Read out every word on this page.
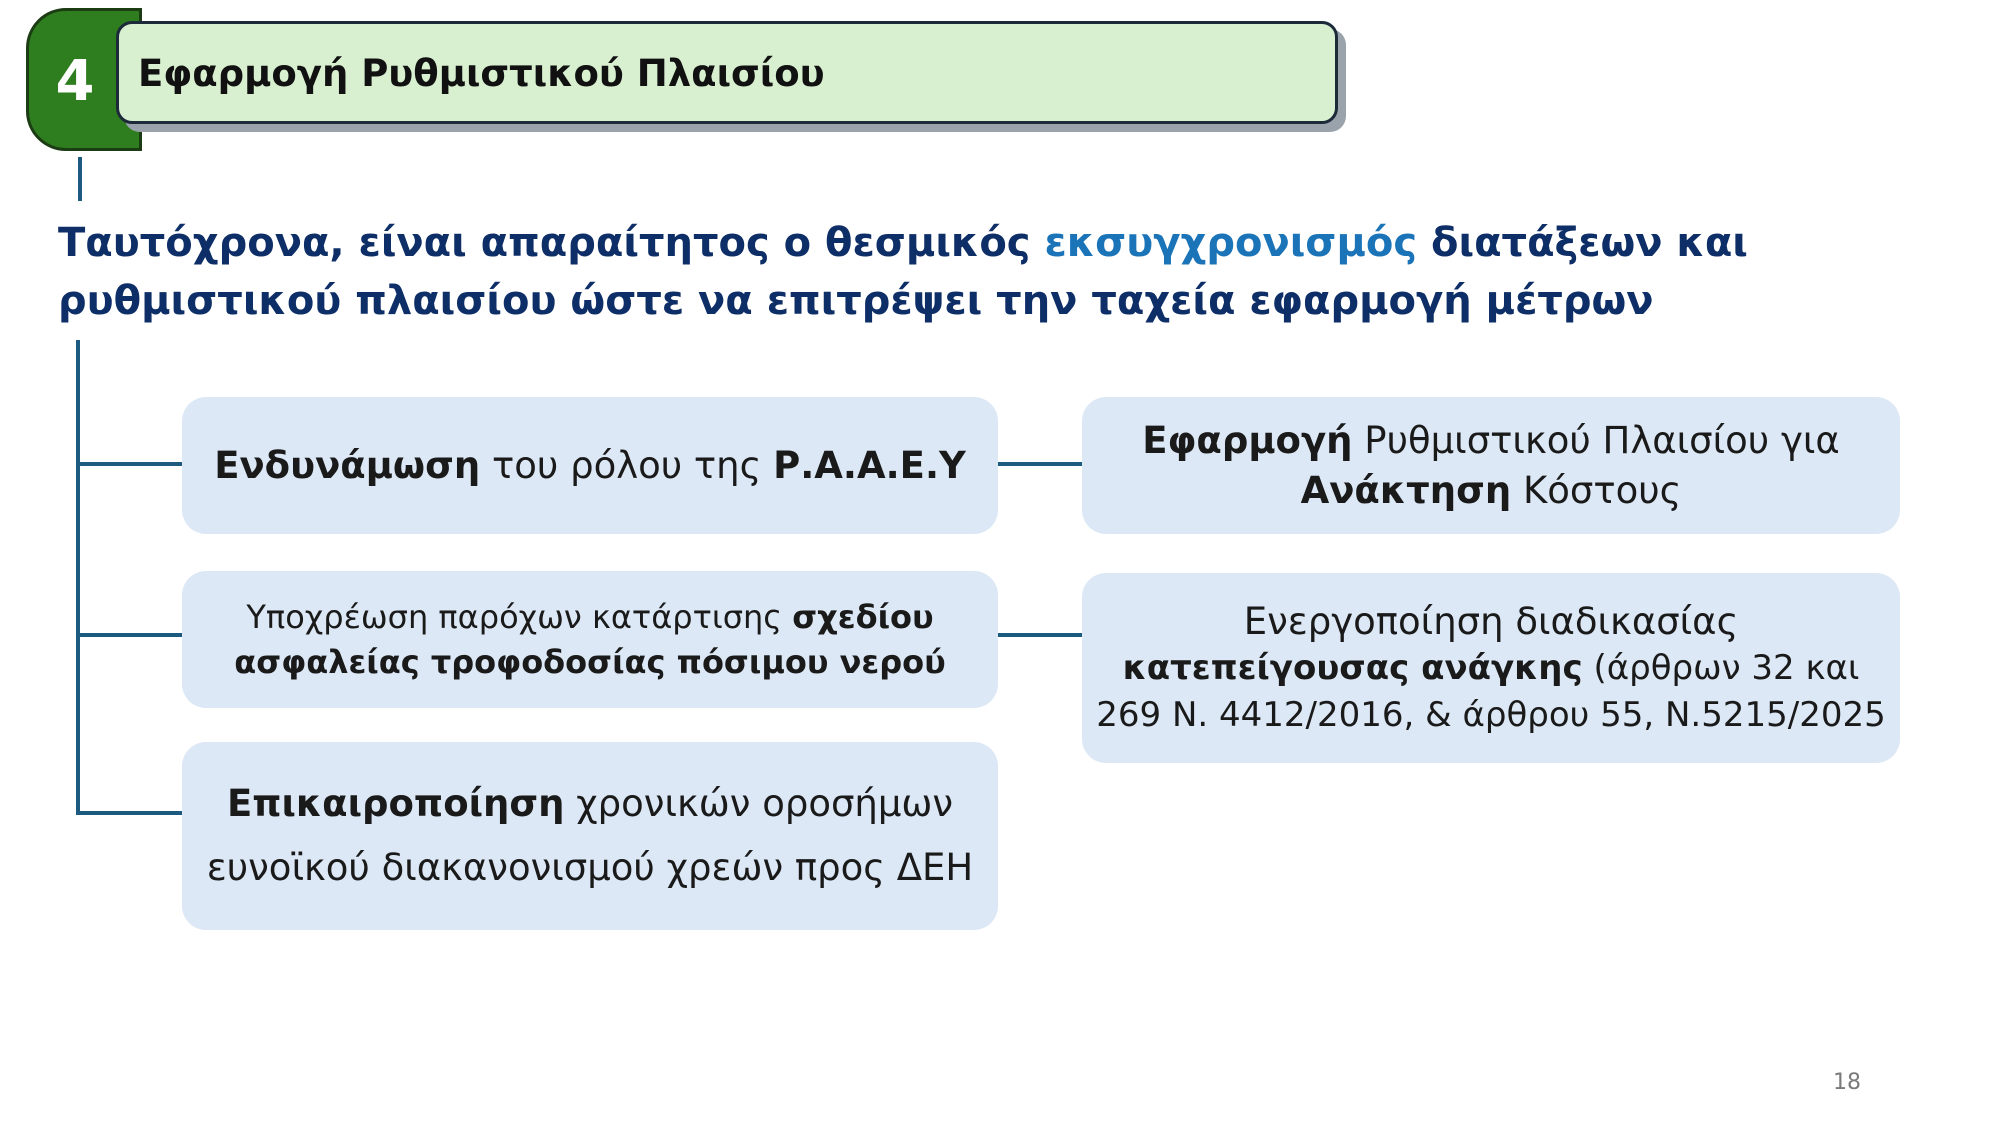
4	Εφαρμογή Ρυθμιστικού Πλαισίου
Ταυτόχρονα, είναι απαραίτητος ο θεσμικός εκσυγχρονισμός διατάξεων και
ρυθμιστικού πλαισίου ώστε να επιτρέψει την ταχεία εφαρμογή μέτρων
Ενδυνάμωση του ρόλου της Ρ.Α.Α.Ε.Υ
Υποχρέωση παρόχων κατάρτισης σχεδίου
ασφαλείας τροφοδοσίας πόσιμου νερού
Επικαιροποίηση χρονικών οροσήμων
ευνοϊκού διακανονισμού χρεών προς ΔΕΗ
Εφαρμογή Ρυθμιστικού Πλαισίου για
Ανάκτηση Κόστους
Ενεργοποίηση διαδικασίας
κατεπείγουσας ανάγκης (άρθρων 32 και
269 Ν. 4412/2016, & άρθρου 55, Ν.5215/2025
18
